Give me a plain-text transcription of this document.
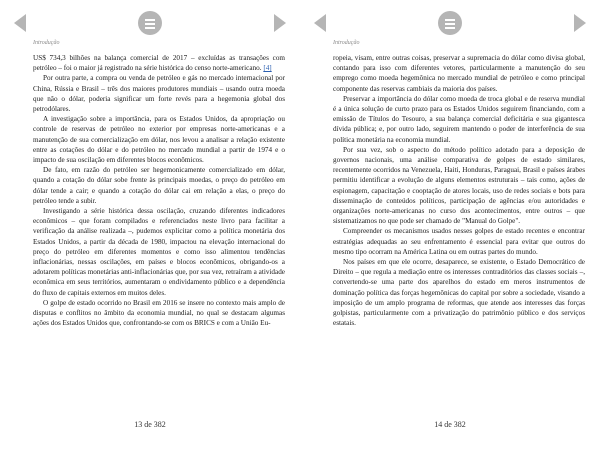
Introdução

US$ 734,3 bilhões na balança comercial de 2017 – excluídas as transações com petróleo – foi o maior já registrado na série histórica do censo norte-americano. [4]

Por outra parte, a compra ou venda de petróleo e gás no mercado internacional por China, Rússia e Brasil – três dos maiores produtores mundiais – usando outra moeda que não o dólar, poderia significar um forte revés para a hegemonia global dos petrodólares.

A investigação sobre a importância, para os Estados Unidos, da apropriação ou controle de reservas de petróleo no exterior por empresas norte-americanas e a manutenção de sua comercialização em dólar, nos levou a analisar a relação existente entre as cotações do dólar e do petróleo no mercado mundial a partir de 1974 e o impacto de sua oscilação em diferentes blocos econômicos.

De fato, em razão do petróleo ser hegemonicamente comercializado em dólar, quando a cotação do dólar sobe frente às principais moedas, o preço do petróleo em dólar tende a cair; e quando a cotação do dólar cai em relação a elas, o preço do petróleo tende a subir.

Investigando a série histórica dessa oscilação, cruzando diferentes indicadores econômicos – que foram compilados e referenciados neste livro para facilitar a verificação da análise realizada –, pudemos explicitar como a política monetária dos Estados Unidos, a partir da década de 1980, impactou na elevação internacional do preço do petróleo em diferentes momentos e como isso alimentou tendências inflacionárias, nessas oscilações, em países e blocos econômicos, obrigando-os a adotarem políticas monetárias anti-inflacionárias que, por sua vez, retraíram a atividade econômica em seus territórios, aumentaram o endividamento público e a dependência do fluxo de capitais externos em muitos deles.

O golpe de estado ocorrido no Brasil em 2016 se insere no contexto mais amplo de disputas e conflitos no âmbito da economia mundial, no qual se destacam algumas ações dos Estados Unidos que, confrontando-se com os BRICS e com a União Eu-

13 de 382
Introdução

ropeia, visam, entre outras coisas, preservar a supremacia do dólar como divisa global, contando para isso com diferentes vetores, particularmente a manutenção do seu emprego como moeda hegemônica no mercado mundial de petróleo e como principal componente das reservas cambiais da maioria dos países.

Preservar a importância do dólar como moeda de troca global e de reserva mundial é a única solução de curto prazo para os Estados Unidos seguirem financiando, com a emissão de Títulos do Tesouro, a sua balança comercial deficitária e sua gigantesca dívida pública; e, por outro lado, seguirem mantendo o poder de interferência de sua política monetária na economia mundial.

Por sua vez, sob o aspecto do método político adotado para a deposição de governos nacionais, uma análise comparativa de golpes de estado similares, recentemente ocorridos na Venezuela, Haiti, Honduras, Paraguai, Brasil e países árabes permitiu identificar a evolução de alguns elementos estruturais – tais como, ações de espionagem, capacitação e cooptação de atores locais, uso de redes sociais e bots para disseminação de conteúdos políticos, participação de agências e/ou autoridades e organizações norte-americanas no curso dos acontecimentos, entre outros – que sistematizamos no que pode ser chamado de "Manual do Golpe".

Compreender os mecanismos usados nesses golpes de estado recentes e encontrar estratégias adequadas ao seu enfrentamento é essencial para evitar que outros do mesmo tipo ocorram na América Latina ou em outras partes do mundo.

Nos países em que ele ocorre, desaparece, se existente, o Estado Democrático de Direito – que regula a mediação entre os interesses contraditórios das classes sociais –, convertendo-se uma parte dos aparelhos do estado em meros instrumentos de dominação política das forças hegemônicas do capital por sobre a sociedade, visando a imposição de um amplo programa de reformas, que atende aos interesses das forças golpistas, particularmente com a privatização do patrimônio público e dos serviços estatais.

14 de 382
